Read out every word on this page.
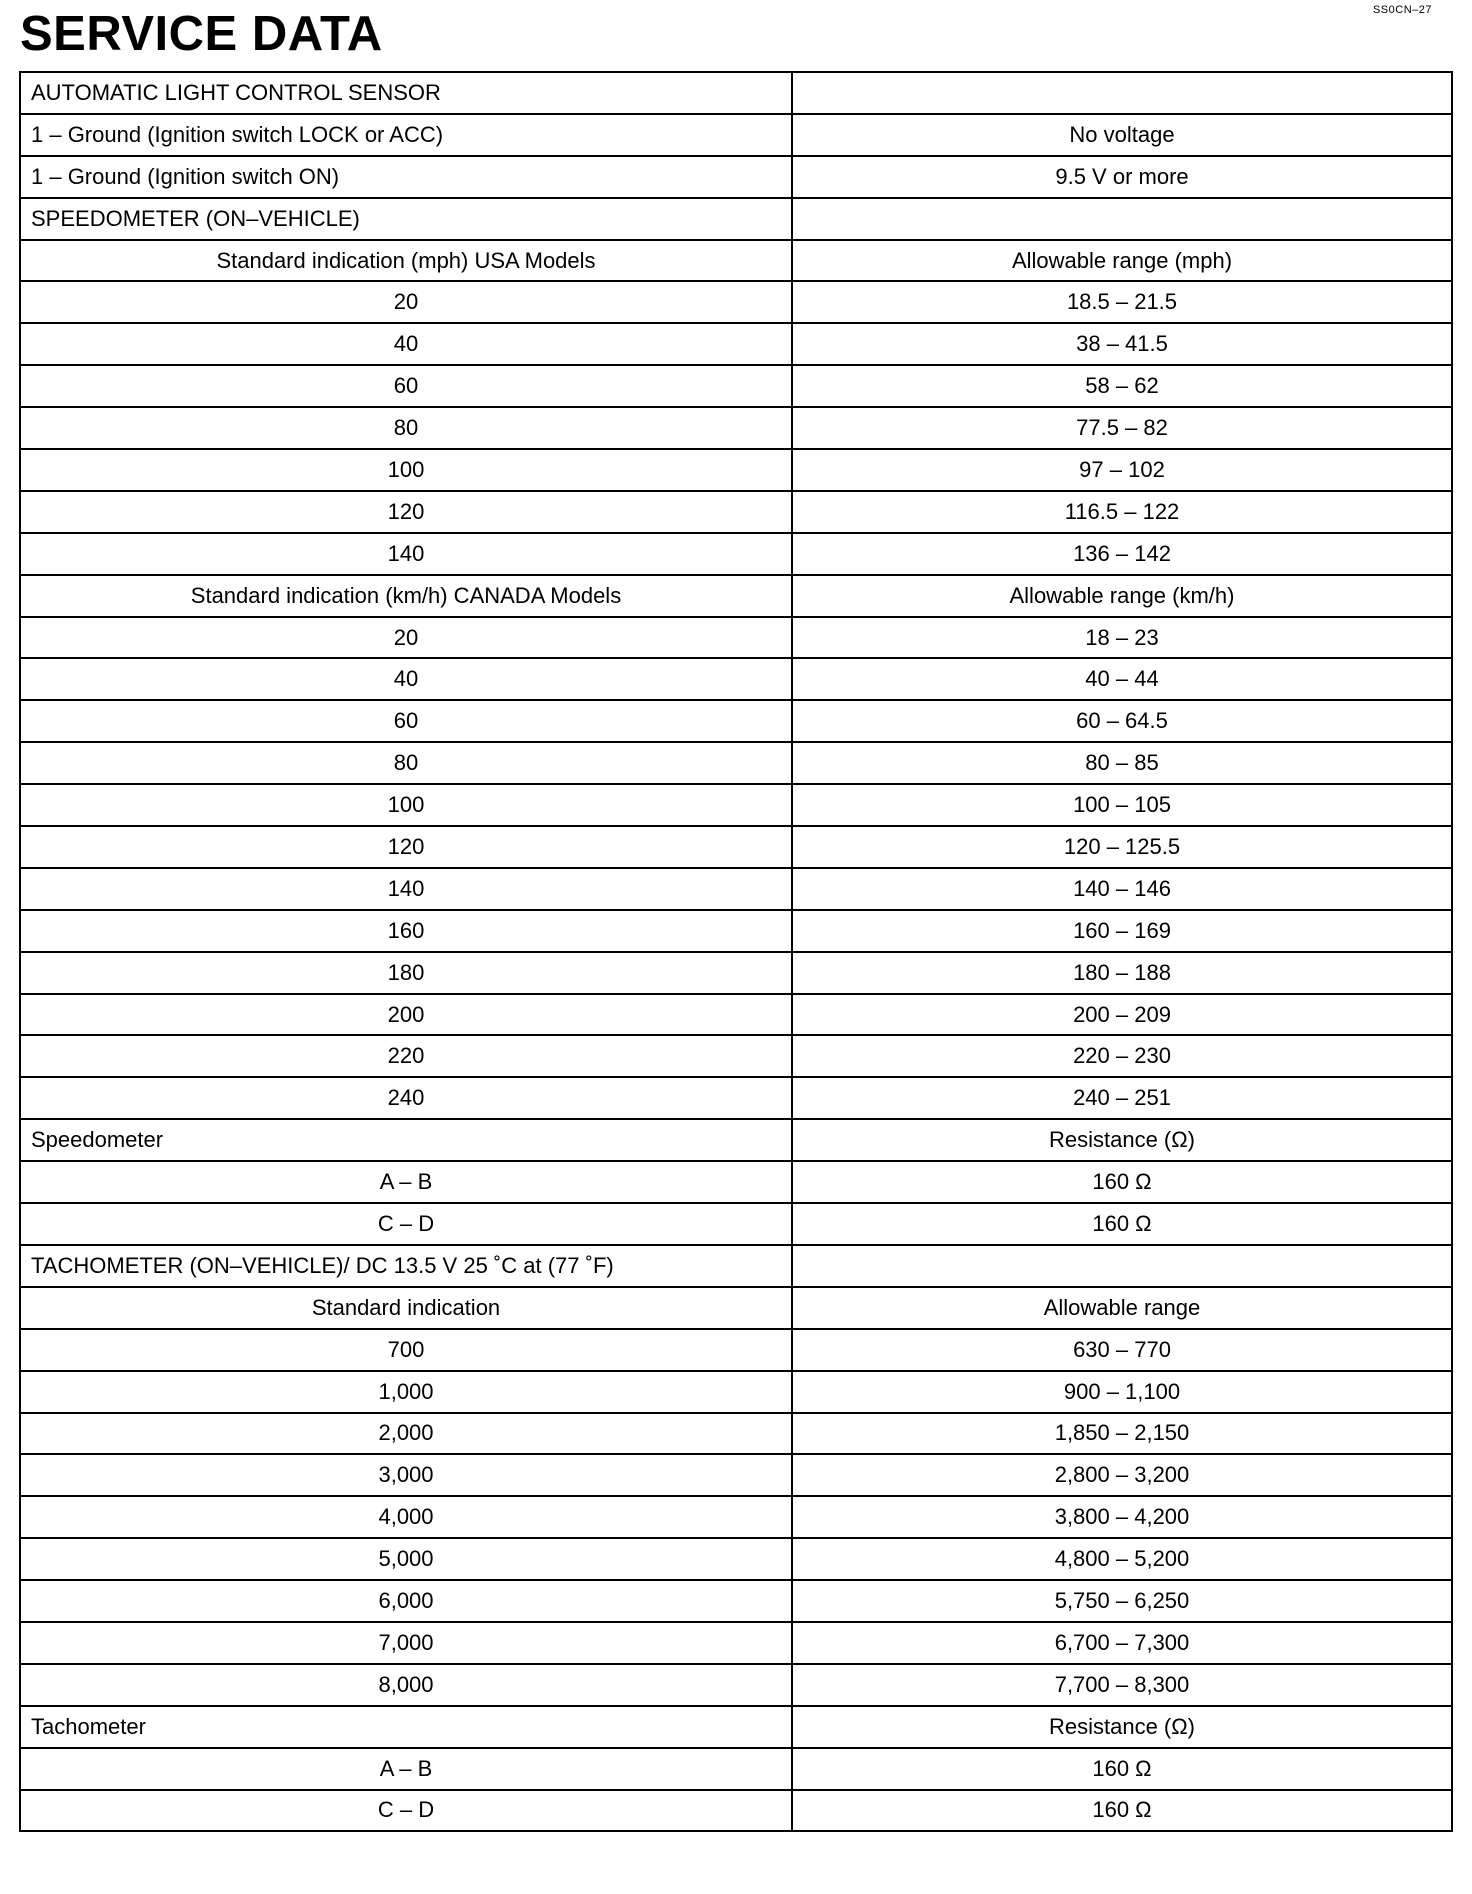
SS0CN–27
SERVICE DATA
AUTOMATIC LIGHT CONTROL SENSOR	
1 – Ground (Ignition switch LOCK or ACC)	No voltage
1 – Ground (Ignition switch ON)	9.5 V or more
SPEEDOMETER (ON–VEHICLE)	
Standard indication (mph) USA Models	Allowable range (mph)
20	18.5 – 21.5
40	38 – 41.5
60	58 – 62
80	77.5 – 82
100	97 – 102
120	116.5 – 122
140	136 – 142
Standard indication (km/h) CANADA Models	Allowable range (km/h)
20	18 – 23
40	40 – 44
60	60 – 64.5
80	80 – 85
100	100 – 105
120	120 – 125.5
140	140 – 146
160	160 – 169
180	180 – 188
200	200 – 209
220	220 – 230
240	240 – 251
Speedometer	Resistance (Ω)
A – B	160 Ω
C – D	160 Ω
TACHOMETER (ON–VEHICLE)/ DC 13.5 V 25 ˚C at (77 ˚F)	
Standard indication	Allowable range
700	630 – 770
1,000	900 – 1,100
2,000	1,850 – 2,150
3,000	2,800 – 3,200
4,000	3,800 – 4,200
5,000	4,800 – 5,200
6,000	5,750 – 6,250
7,000	6,700 – 7,300
8,000	7,700 – 8,300
Tachometer	Resistance (Ω)
A – B	160 Ω
C – D	160 Ω
